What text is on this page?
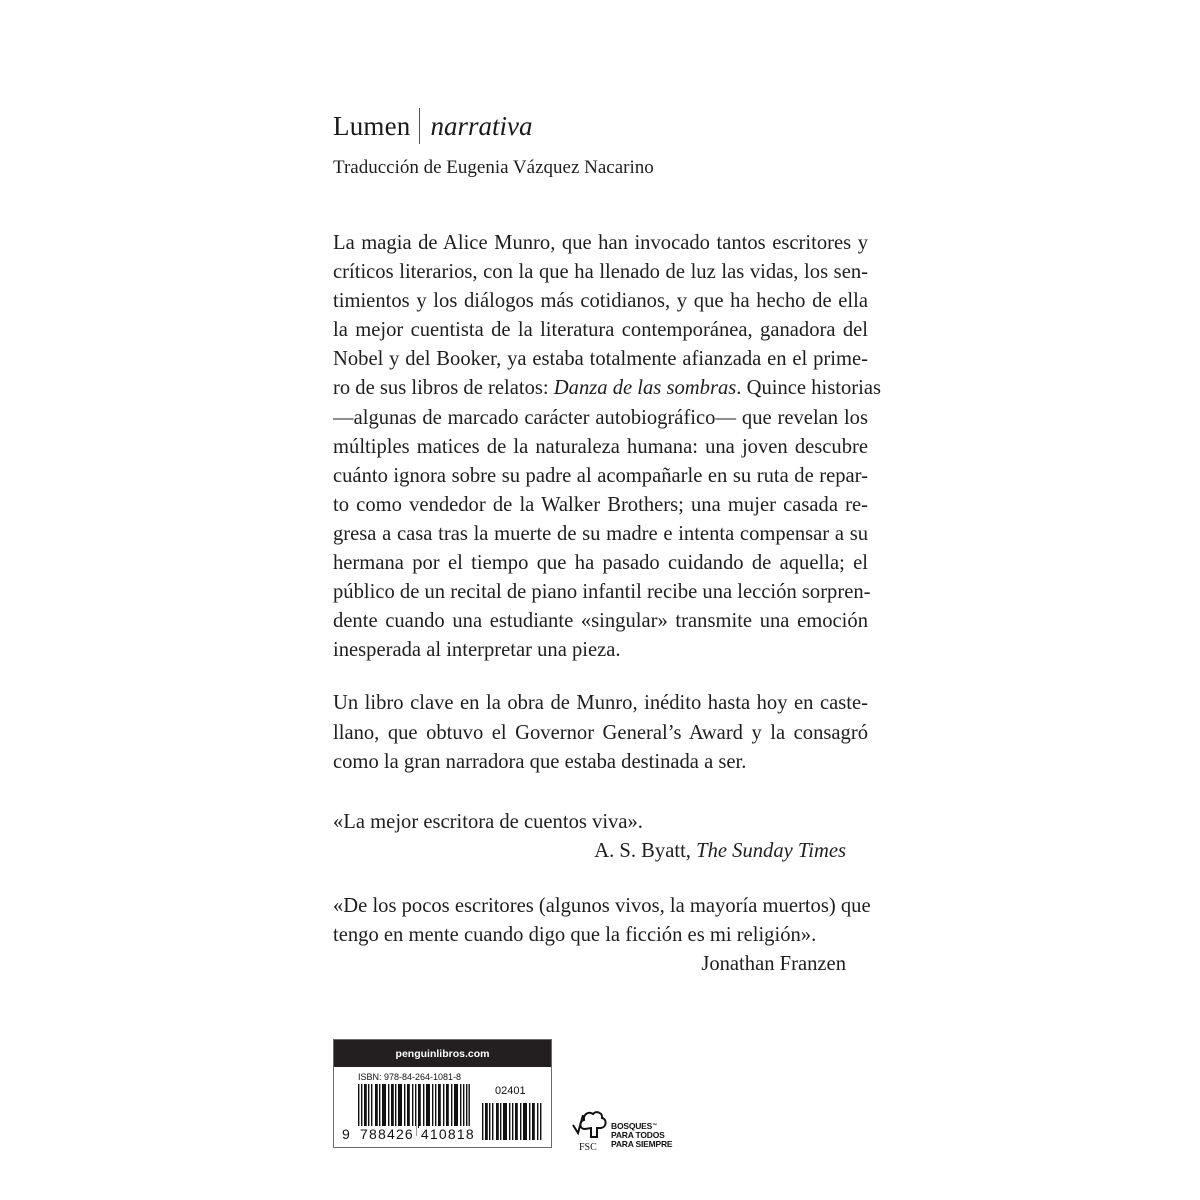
Lumen narrativa
Traducción de Eugenia Vázquez Nacarino

La magia de Alice Munro, que han invocado tantos escritores y
críticos literarios, con la que ha llenado de luz las vidas, los sen-
timientos y los diálogos más cotidianos, y que ha hecho de ella
la mejor cuentista de la literatura contemporánea, ganadora del
Nobel y del Booker, ya estaba totalmente afianzada en el prime-
ro de sus libros de relatos: Danza de las sombras. Quince historias
—algunas de marcado carácter autobiográfico— que revelan los
múltiples matices de la naturaleza humana: una joven descubre
cuánto ignora sobre su padre al acompañarle en su ruta de repar-
to como vendedor de la Walker Brothers; una mujer casada re-
gresa a casa tras la muerte de su madre e intenta compensar a su
hermana por el tiempo que ha pasado cuidando de aquella; el
público de un recital de piano infantil recibe una lección sorpren-
dente cuando una estudiante «singular» transmite una emoción
inesperada al interpretar una pieza.

Un libro clave en la obra de Munro, inédito hasta hoy en caste-
llano, que obtuvo el Governor General’s Award y la consagró
como la gran narradora que estaba destinada a ser.

«La mejor escritora de cuentos viva».
A. S. Byatt, The Sunday Times
«De los pocos escritores (algunos vivos, la mayoría muertos) que
tengo en mente cuando digo que la ficción es mi religión».
Jonathan Franzen
penguinlibros.com
ISBN: 978-84-264-1081-8
02401
9 788426 410818
FSC
BOSQUES™
PARA TODOS
PARA SIEMPRE
